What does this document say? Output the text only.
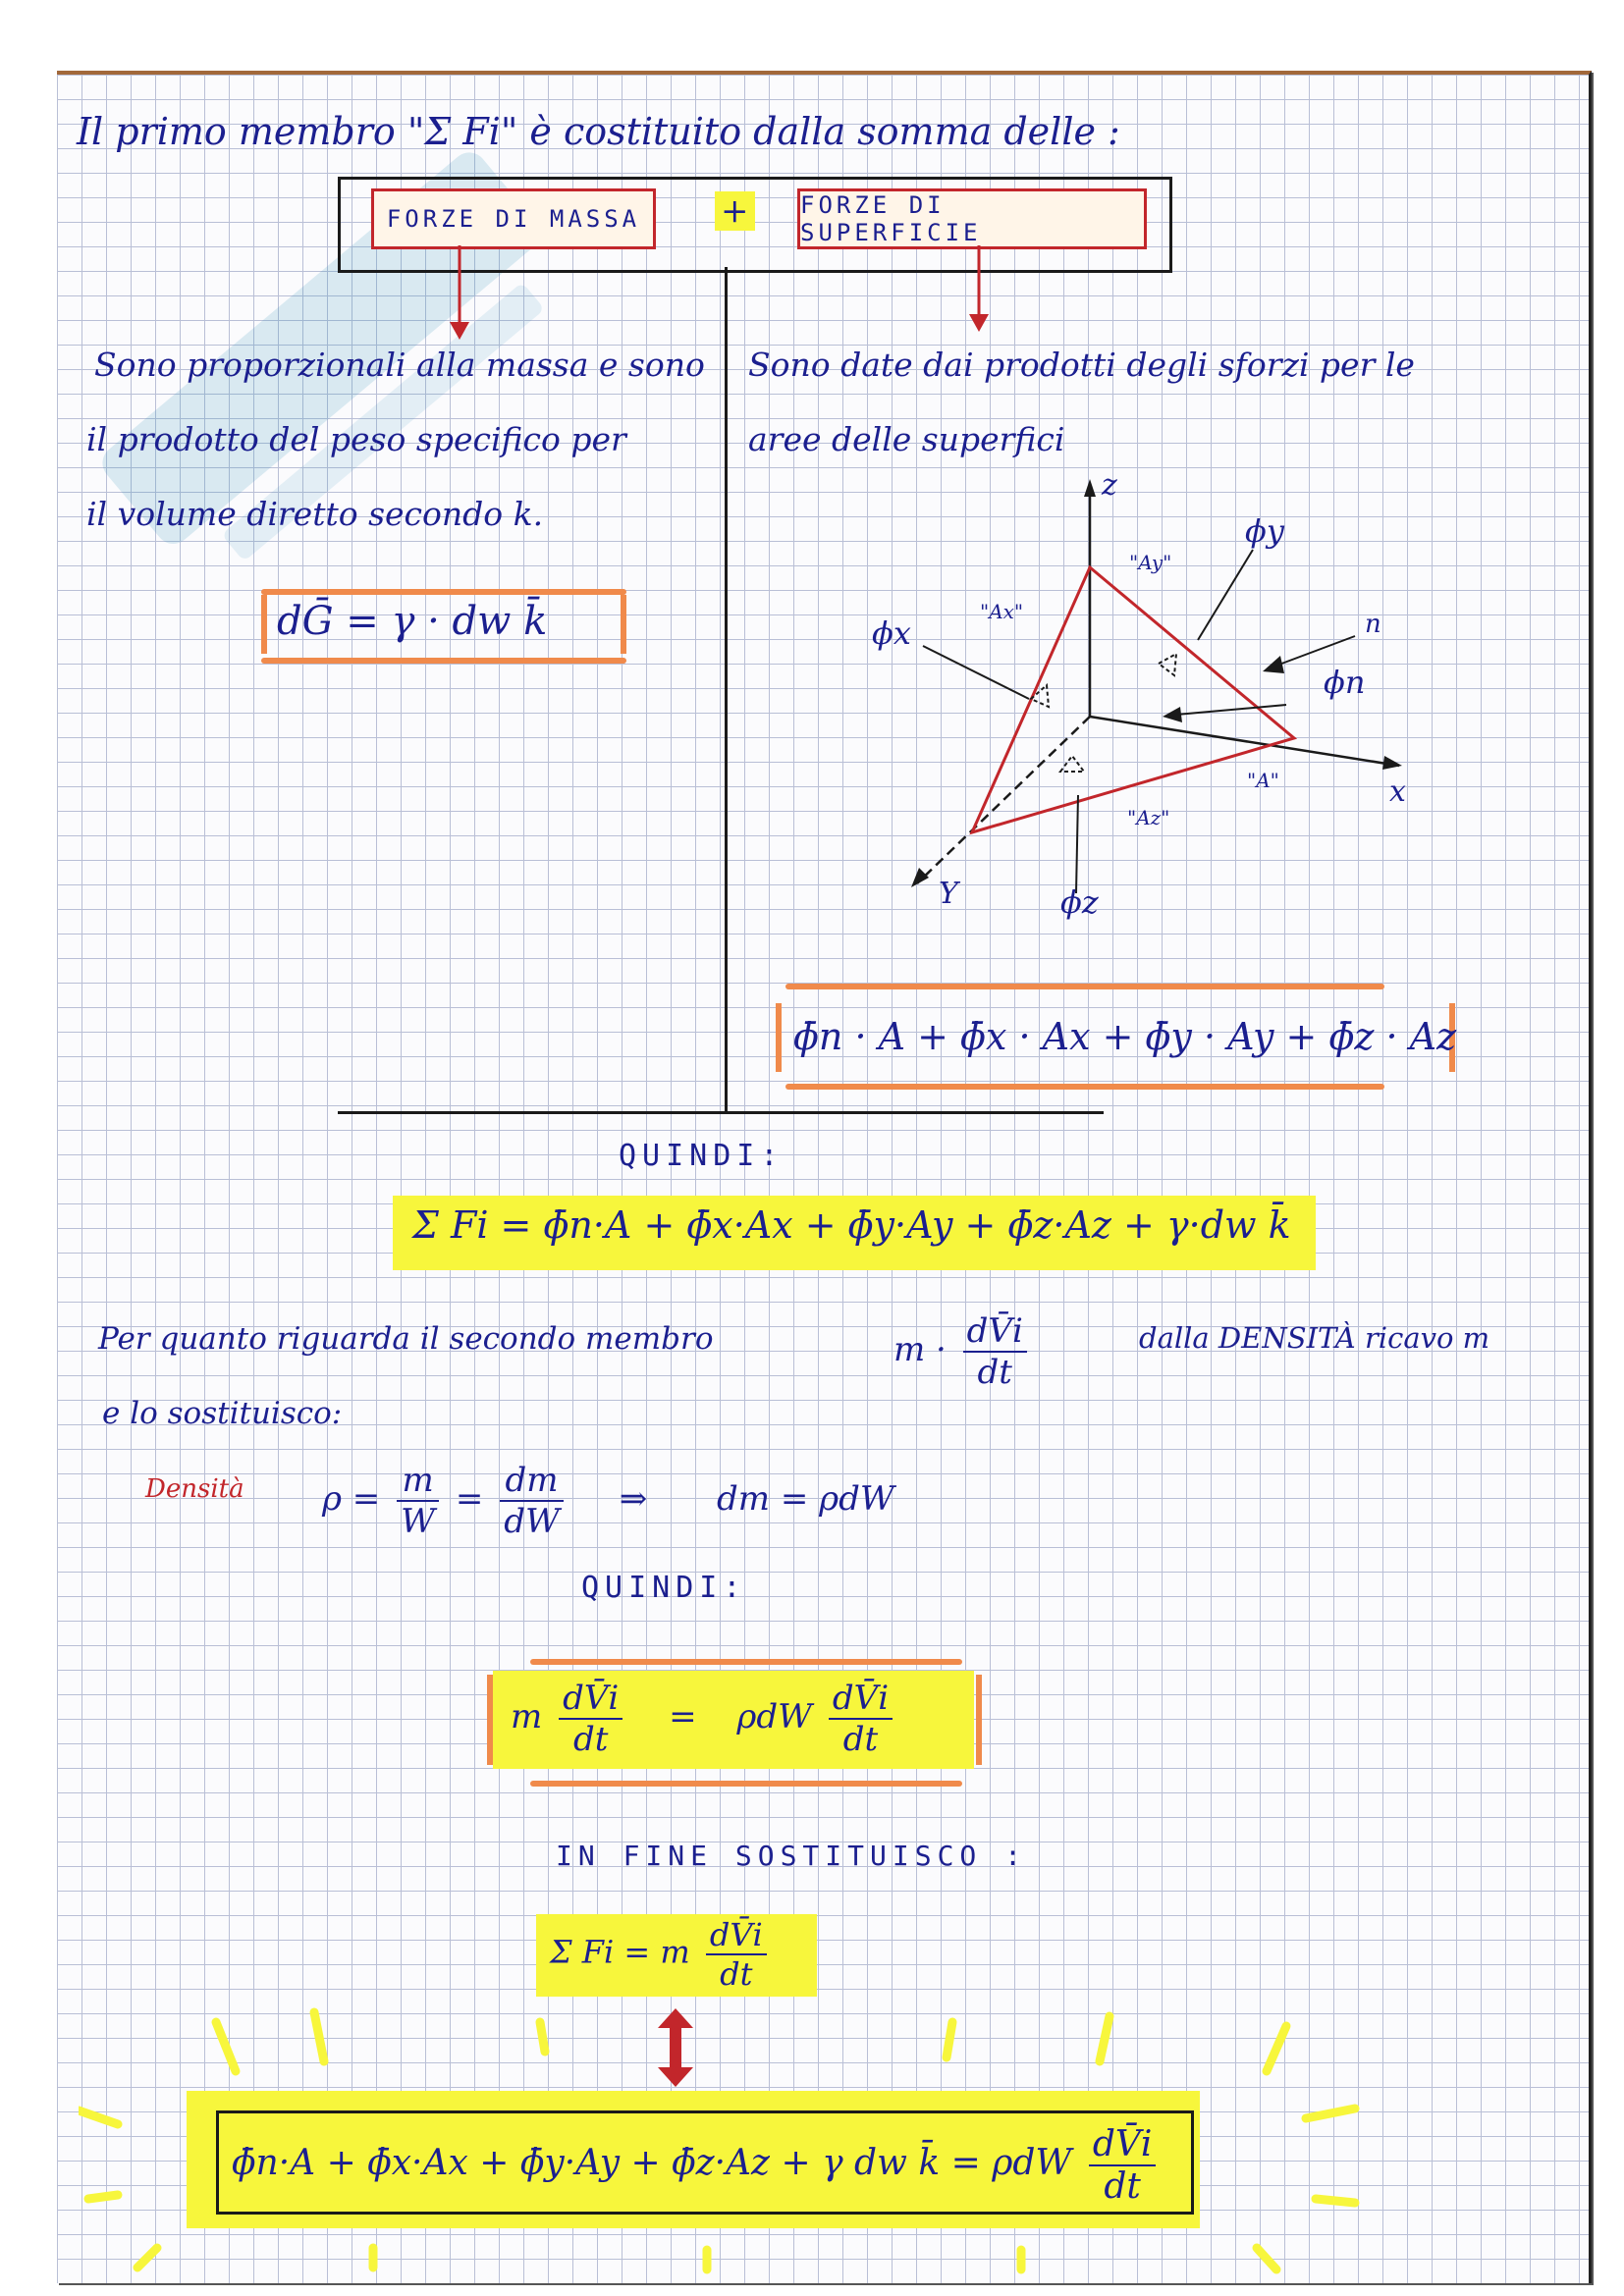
Il primo membro "Σ Fi" è costituito dalla somma delle :
FORZE DI MASSA	+ FORZE DI SUPERFICIE
Sono proporzionali alla massa e sono
il prodotto del peso specifico per
il volume diretto secondo k.
dḠ = γ · dw k̄
Sono date dai prodotti degli sforzi per le
aree delle superfici
z
x
Y
ϕx
ϕy
ϕn
n
ϕz
"Ax"
"Ay"
"Az"
"A"
ϕ̄n · A + ϕ̄x · Ax + ϕ̄y · Ay + ϕ̄z · Az
QUINDI:
Σ Fi = ϕ̄n·A + ϕ̄x·Ax + ϕ̄y·Ay + ϕ̄z·Az + γ·dw k̄
Per quanto riguarda il secondo membro	$m \cdot \frac{dV̄i}{dt}$	dalla DENSITÀ ricavo m
e lo sostituisco:
Densità $\rho = \frac{m}{W} = \frac{dm}{dW}$ ⇒ dm = ρdW
QUINDI:
m $\frac{dV̄i}{dt} = \rho dW \frac{dV̄i}{dt}$
IN FINE SOSTITUISCO :
Σ Fi = m $\frac{dV̄i}{dt}$
ϕ̄n·A + ϕ̄x·Ax + ϕ̄y·Ay + ϕ̄z·Az + γ dw k̄ = ρdW $\frac{dV̄i}{dt}$
